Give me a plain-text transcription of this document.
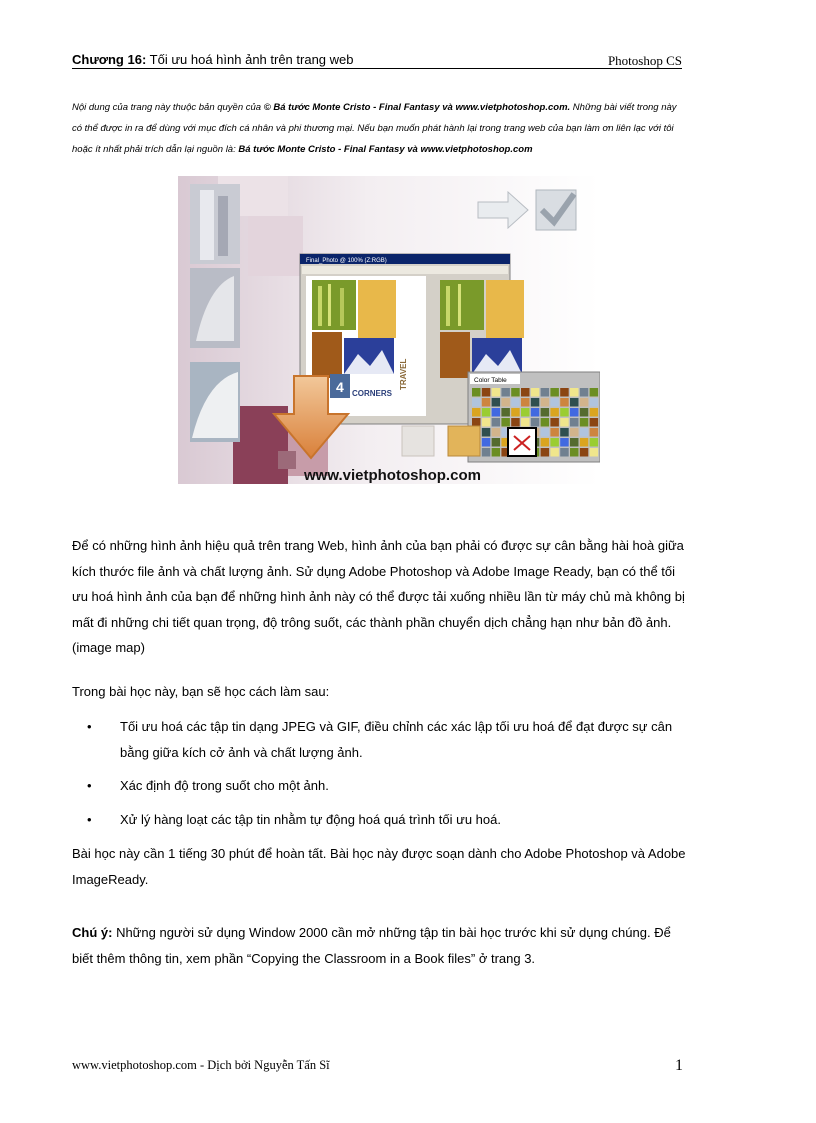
Chương 16: Tối ưu hoá hình ảnh trên trang web	Photoshop CS
Nội dung của trang này thuộc bản quyền của © Bá tước Monte Cristo - Final Fantasy và www.vietphotoshop.com. Những bài viết trong này có thể được in ra để dùng với mục đích cá nhân và phi thương mại. Nếu bạn muốn phát hành lại trong trang web của bạn làm ơn liên lạc với tôi hoặc ít nhất phải trích dẫn lại nguồn là: Bá tước Monte Cristo - Final Fantasy và www.vietphotoshop.com
Final_Photo @ 100% (Z:RGB)
4 CORNERS
TRAVEL	Color Table
www.vietphotoshop.com
Để có những hình ảnh hiệu quả trên trang Web, hình ảnh của bạn phải có được sự cân bằng hài hoà giữa kích thước file ảnh và chất lượng ảnh. Sử dụng Adobe Photoshop và Adobe Image Ready, bạn có thể tối ưu hoá hình ảnh của bạn để những hình ảnh này có thể được tải xuống nhiều lần từ máy chủ mà không bị mất đi những chi tiết quan trọng, độ trông suốt, các thành phần chuyển dịch chẳng hạn như bản đồ ảnh. (image map)
Trong bài học này, bạn sẽ học cách làm sau:
• Tối ưu hoá các tập tin dạng JPEG và GIF, điều chỉnh các xác lập tối ưu hoá để đạt được sự cân bằng giữa kích cở ảnh và chất lượng ảnh.
• Xác định độ trong suốt cho một ảnh.
• Xử lý hàng loạt các tập tin nhằm tự động hoá quá trình tối ưu hoá.
Bài học này cần 1 tiếng 30 phút để hoàn tất. Bài học này được soạn dành cho Adobe Photoshop và Adobe ImageReady.
Chú ý: Những người sử dụng Window 2000 cần mở những tập tin bài học trước khi sử dụng chúng. Để biết thêm thông tin, xem phần “Copying the Classroom in a Book files” ở trang 3.
www.vietphotoshop.com - Dịch bởi Nguyễn Tấn Sĩ	1
